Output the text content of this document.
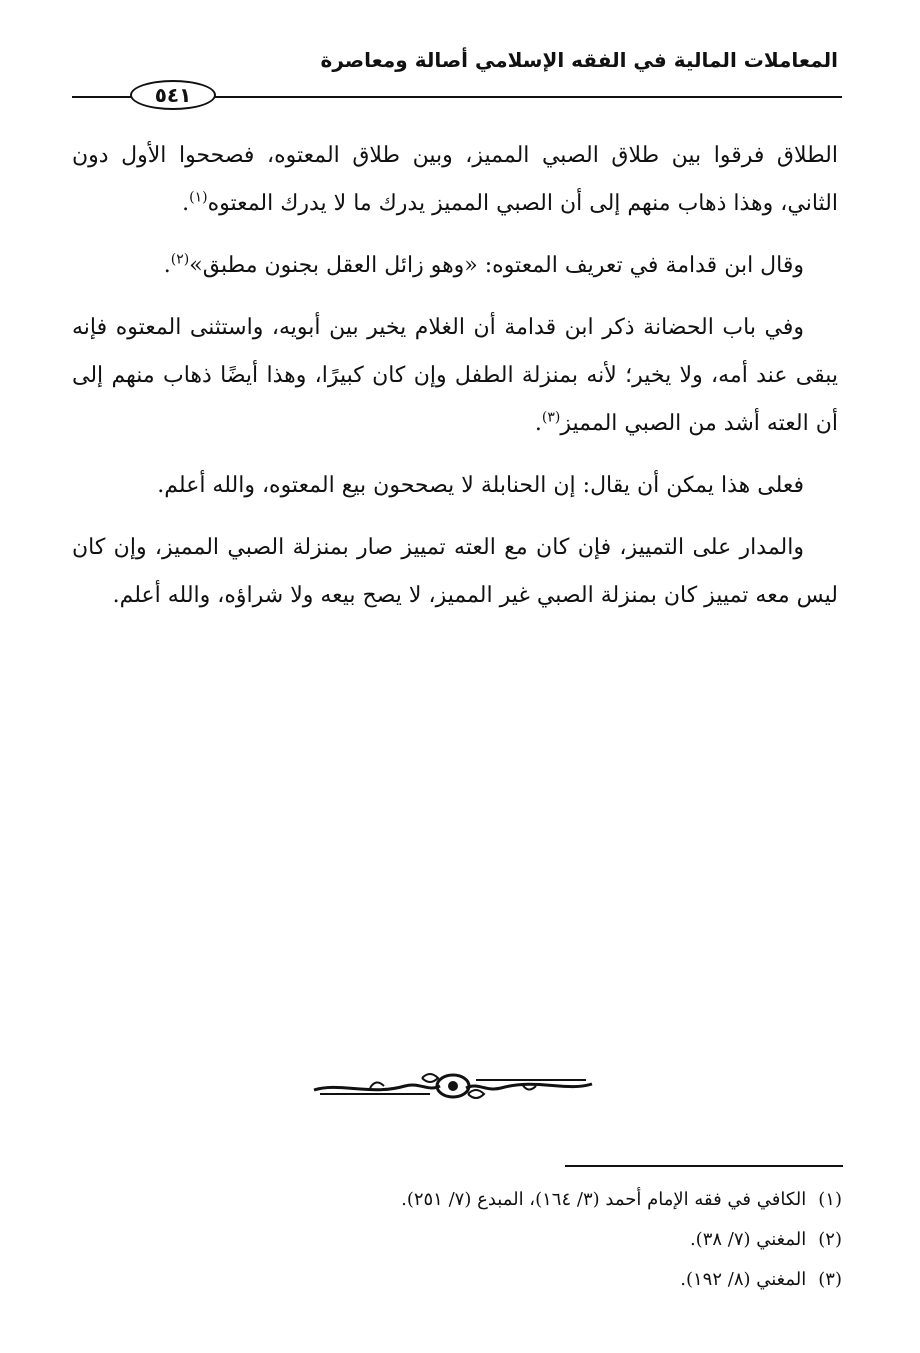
المعاملات المالية في الفقه الإسلامي أصالة ومعاصرة
٥٤١

الطلاق فرقوا بين طلاق الصبي المميز، وبين طلاق المعتوه، فصححوا الأول دون الثاني، وهذا ذهاب منهم إلى أن الصبي المميز يدرك ما لا يدرك المعتوه$^{(١)}$.

وقال ابن قدامة في تعريف المعتوه: «وهو زائل العقل بجنون مطبق»$^{(٢)}$.

وفي باب الحضانة ذكر ابن قدامة أن الغلام يخير بين أبويه، واستثنى المعتوه فإنه يبقى عند أمه، ولا يخير؛ لأنه بمنزلة الطفل وإن كان كبيرًا، وهذا أيضًا ذهاب منهم إلى أن العته أشد من الصبي المميز$^{(٣)}$.

فعلى هذا يمكن أن يقال: إن الحنابلة لا يصححون بيع المعتوه، والله أعلم.

والمدار على التمييز، فإن كان مع العته تمييز صار بمنزلة الصبي المميز، وإن كان ليس معه تمييز كان بمنزلة الصبي غير المميز، لا يصح بيعه ولا شراؤه، والله أعلم.

(١)الكافي في فقه الإمام أحمد (٣/ ١٦٤)، المبدع (٧/ ٢٥١).

(٢)المغني (٧/ ٣٨).

(٣)المغني (٨/ ١٩٢).
